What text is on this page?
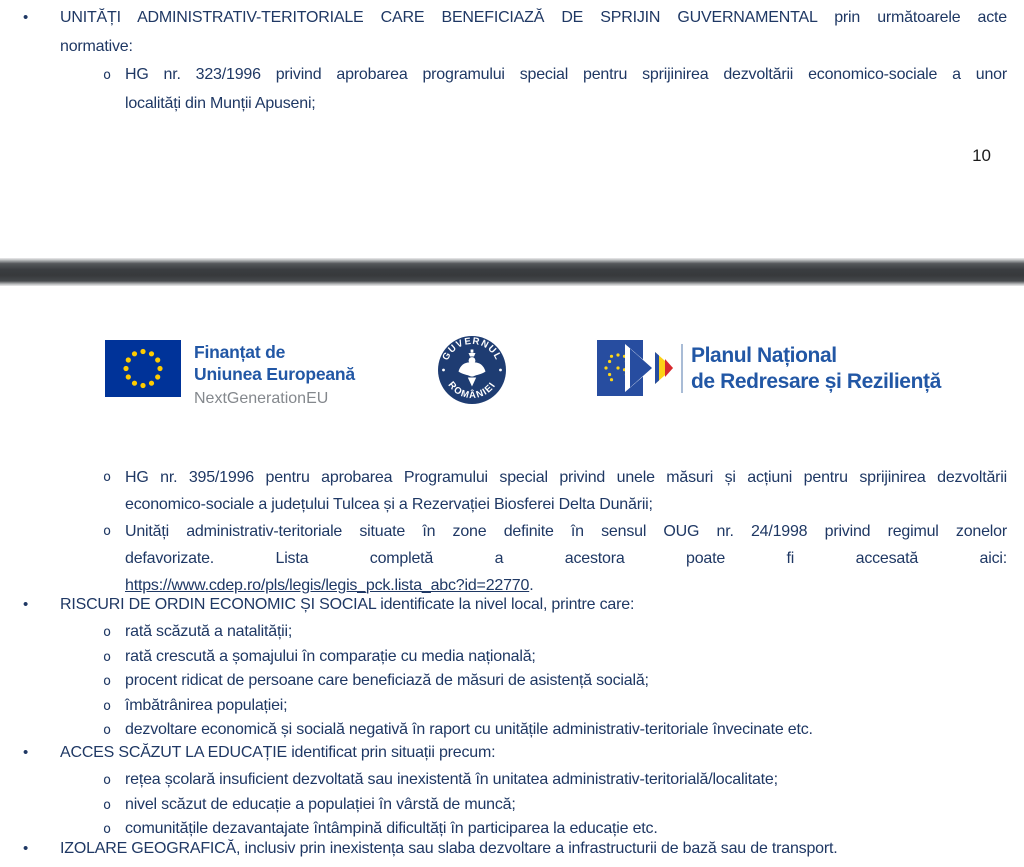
• UNITĂȚI ADMINISTRATIV-TERITORIALE CARE BENEFICIAZĂ DE SPRIJIN GUVERNAMENTAL prin următoarele acte
normative:
o HG nr. 323/1996 privind aprobarea programului special pentru sprijinirea dezvoltării economico-sociale a unor
localități din Munții Apuseni;
10
Finanțat de
Uniunea Europeană
NextGenerationEU
GUVERNUL
ROMÂNIEI
Planul Național
de Redresare și Reziliență
o HG nr. 395/1996 pentru aprobarea Programului special privind unele măsuri și acțiuni pentru sprijinirea dezvoltării
economico-sociale a județului Tulcea și a Rezervației Biosferei Delta Dunării;
o Unități administrativ-teritoriale situate în zone definite în sensul OUG nr. 24/1998 privind regimul zonelor
defavorizate. Lista completă a acestora poate fi accesată aici:
https://www.cdep.ro/pls/legis/legis_pck.lista_abc?id=22770.
• RISCURI DE ORDIN ECONOMIC ȘI SOCIAL identificate la nivel local, printre care:
o rată scăzută a natalității;
o rată crescută a șomajului în comparație cu media națională;
o procent ridicat de persoane care beneficiază de măsuri de asistență socială;
o îmbătrânirea populației;
o dezvoltare economică și socială negativă în raport cu unitățile administrativ-teritoriale învecinate etc.
• ACCES SCĂZUT LA EDUCAȚIE identificat prin situații precum:
o rețea școlară insuficient dezvoltată sau inexistentă în unitatea administrativ-teritorială/localitate;
o nivel scăzut de educație a populației în vârstă de muncă;
o comunitățile dezavantajate întâmpină dificultăți în participarea la educație etc.
• IZOLARE GEOGRAFICĂ, inclusiv prin inexistența sau slaba dezvoltare a infrastructurii de bază sau de transport.
